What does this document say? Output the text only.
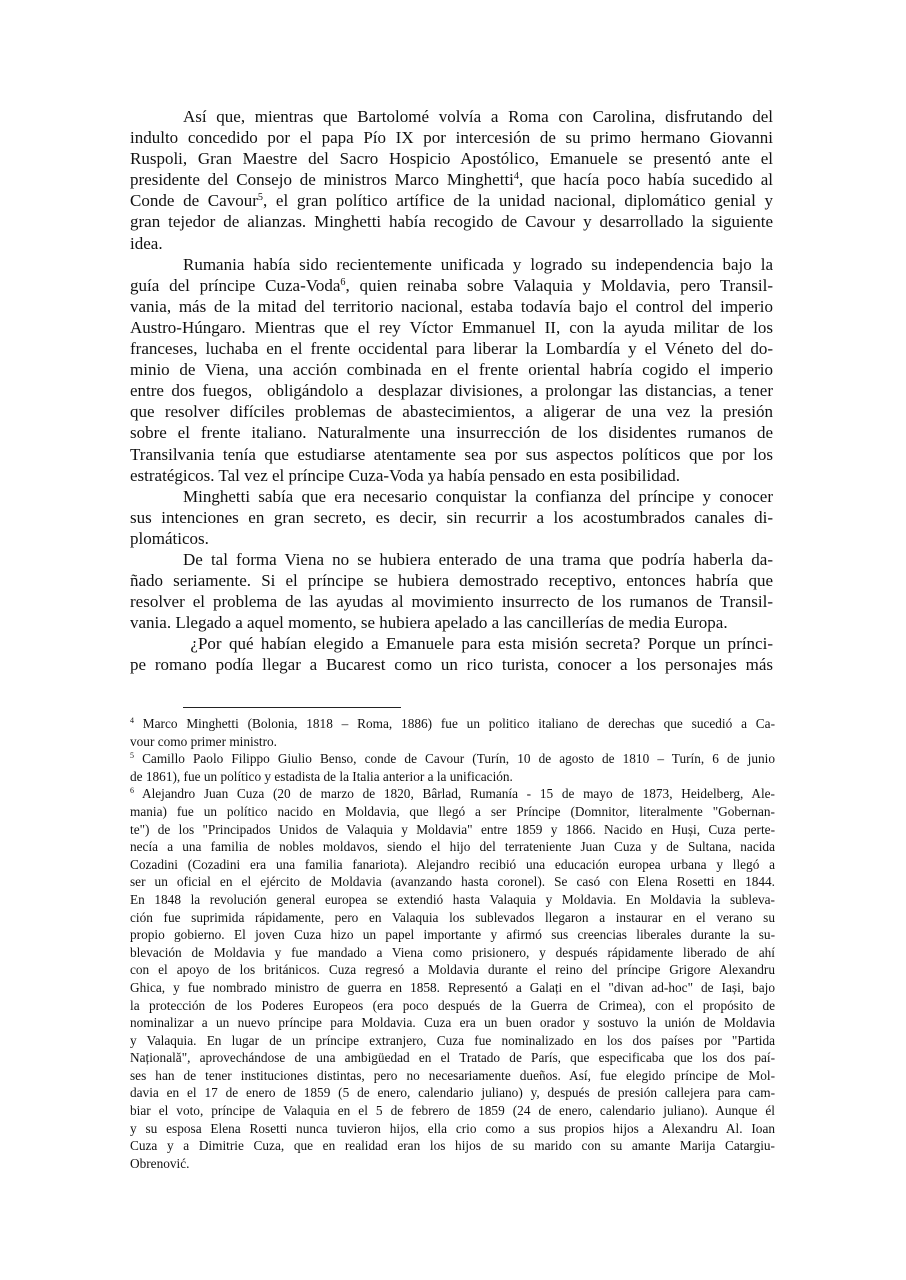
Así que, mientras que Bartolomé volvía a Roma con Carolina, disfrutando del
indulto concedido por el papa Pío IX por intercesión de su primo hermano Giovanni
Ruspoli, Gran Maestre del Sacro Hospicio Apostólico, Emanuele se presentó ante el
presidente del Consejo de ministros Marco Minghetti$^4$, que hacía poco había sucedido al
Conde de Cavour$^5$, el gran político artífice de la unidad nacional, diplomático genial y
gran tejedor de alianzas. Minghetti había recogido de Cavour y desarrollado la siguiente
idea.
Rumania había sido recientemente unificada y logrado su independencia bajo la
guía del príncipe Cuza-Voda$^6$, quien reinaba sobre Valaquia y Moldavia, pero Transil-
vania, más de la mitad del territorio nacional, estaba todavía bajo el control del imperio
Austro-Húngaro. Mientras que el rey Víctor Emmanuel II, con la ayuda militar de los
franceses, luchaba en el frente occidental para liberar la Lombardía y el Véneto del do-
minio de Viena, una acción combinada en el frente oriental habría cogido el imperio
entre dos fuegos,  obligándolo a  desplazar divisiones, a prolongar las distancias, a tener
que resolver difíciles problemas de abastecimientos, a aligerar de una vez la presión
sobre el frente italiano. Naturalmente una insurrección de los disidentes rumanos de
Transilvania tenía que estudiarse atentamente sea por sus aspectos políticos que por los
estratégicos. Tal vez el príncipe Cuza-Voda ya había pensado en esta posibilidad.
Minghetti sabía que era necesario conquistar la confianza del príncipe y conocer
sus intenciones en gran secreto, es decir, sin recurrir a los acostumbrados canales di-
plomáticos.
De tal forma Viena no se hubiera enterado de una trama que podría haberla da-
ñado seriamente. Si el príncipe se hubiera demostrado receptivo, entonces habría que
resolver el problema de las ayudas al movimiento insurrecto de los rumanos de Transil-
vania. Llegado a aquel momento, se hubiera apelado a las cancillerías de media Europa.
¿Por qué habían elegido a Emanuele para esta misión secreta? Porque un prínci-
pe romano podía llegar a Bucarest como un rico turista, conocer a los personajes más
$^4$ Marco Minghetti (Bolonia, 1818 – Roma, 1886) fue un politico italiano de derechas que sucedió a Ca-
vour como primer ministro.
$^5$ Camillo Paolo Filippo Giulio Benso, conde de Cavour (Turín, 10 de agosto de 1810 – Turín, 6 de junio
de 1861), fue un político y estadista de la Italia anterior a la unificación.
$^6$ Alejandro Juan Cuza (20 de marzo de 1820, Bârlad, Rumanía - 15 de mayo de 1873, Heidelberg, Ale-
mania) fue un político nacido en Moldavia, que llegó a ser Príncipe (Domnitor, literalmente "Gobernan-
te") de los "Principados Unidos de Valaquia y Moldavia" entre 1859 y 1866. Nacido en Huși, Cuza perte-
necía a una familia de nobles moldavos, siendo el hijo del terrateniente Juan Cuza y de Sultana, nacida
Cozadini (Cozadini era una familia fanariota). Alejandro recibió una educación europea urbana y llegó a
ser un oficial en el ejército de Moldavia (avanzando hasta coronel). Se casó con Elena Rosetti en 1844.
En 1848 la revolución general europea se extendió hasta Valaquia y Moldavia. En Moldavia la subleva-
ción fue suprimida rápidamente, pero en Valaquia los sublevados llegaron a instaurar en el verano su
propio gobierno. El joven Cuza hizo un papel importante y afirmó sus creencias liberales durante la su-
blevación de Moldavia y fue mandado a Viena como prisionero, y después rápidamente liberado de ahí
con el apoyo de los británicos. Cuza regresó a Moldavia durante el reino del príncipe Grigore Alexandru
Ghica, y fue nombrado ministro de guerra en 1858. Representó a Galați en el "divan ad-hoc" de Iași, bajo
la protección de los Poderes Europeos (era poco después de la Guerra de Crimea), con el propósito de
nominalizar a un nuevo príncipe para Moldavia. Cuza era un buen orador y sostuvo la unión de Moldavia
y Valaquia. En lugar de un príncipe extranjero, Cuza fue nominalizado en los dos países por "Partida
Națională", aprovechándose de una ambigüedad en el Tratado de París, que especificaba que los dos paí-
ses han de tener instituciones distintas, pero no necesariamente dueños. Así, fue elegido príncipe de Mol-
davia en el 17 de enero de 1859 (5 de enero, calendario juliano) y, después de presión callejera para cam-
biar el voto, príncipe de Valaquia en el 5 de febrero de 1859 (24 de enero, calendario juliano). Aunque él
y su esposa Elena Rosetti nunca tuvieron hijos, ella crio como a sus propios hijos a Alexandru Al. Ioan
Cuza y a Dimitrie Cuza, que en realidad eran los hijos de su marido con su amante Marija Catargiu-
Obrenović.
